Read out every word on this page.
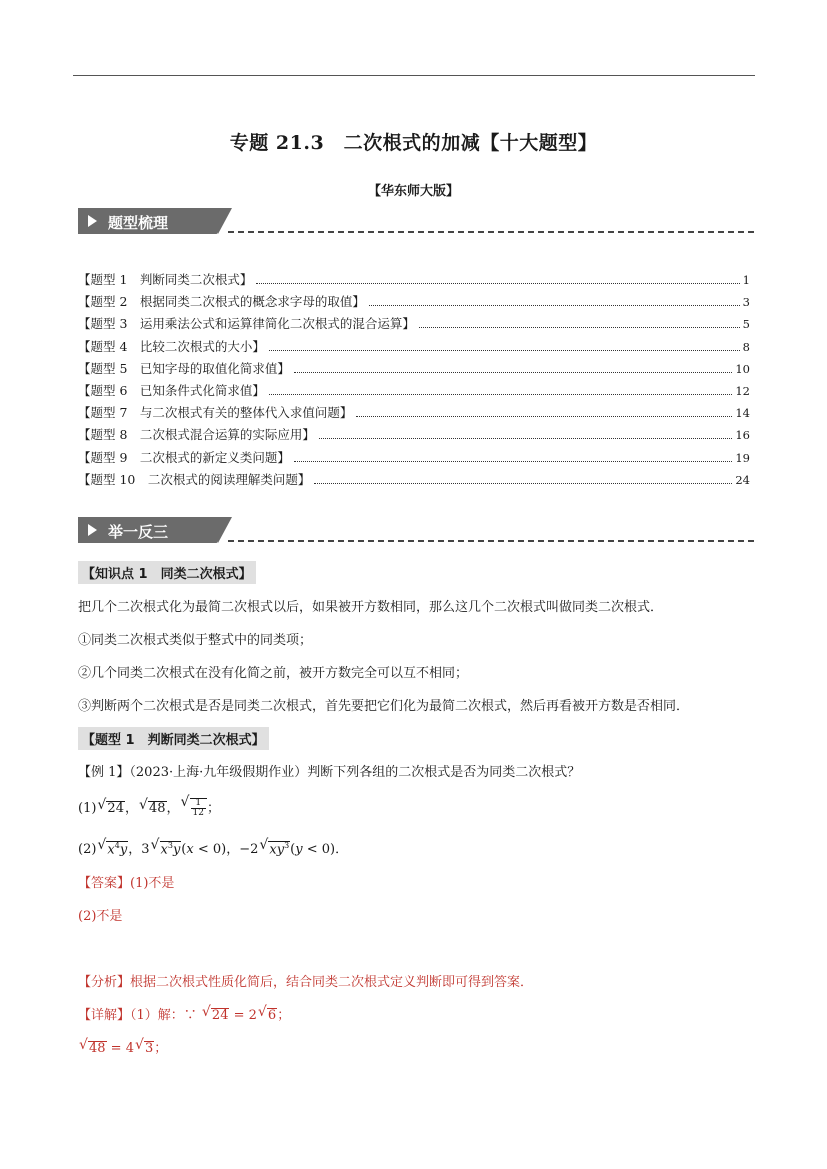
专题 21.3　二次根式的加减【十大题型】
【华东师大版】
题型梳理
【题型 1　判断同类二次根式】	1
【题型 2　根据同类二次根式的概念求字母的取值】	3
【题型 3　运用乘法公式和运算律简化二次根式的混合运算】	5
【题型 4　比较二次根式的大小】	8
【题型 5　已知字母的取值化简求值】	10
【题型 6　已知条件式化简求值】	12
【题型 7　与二次根式有关的整体代入求值问题】	14
【题型 8　二次根式混合运算的实际应用】	16
【题型 9　二次根式的新定义类问题】	19
【题型 10　二次根式的阅读理解类问题】	24
举一反三
【知识点 1　同类二次根式】
把几个二次根式化为最简二次根式以后，如果被开方数相同，那么这几个二次根式叫做同类二次根式．
①同类二次根式类似于整式中的同类项；
②几个同类二次根式在没有化简之前，被开方数完全可以互不相同；
③判断两个二次根式是否是同类二次根式，首先要把它们化为最简二次根式，然后再看被开方数是否相同．
【题型 1　判断同类二次根式】
【例 1】（2023·上海·九年级假期作业）判断下列各组的二次根式是否为同类二次根式？
(1) √ 24， √ 48， √ $\frac{1}{12}$ ；
(2) √ $x^4y$，3 √ $x^3y(x < 0)$，−2 √ $xy^3(y < 0)$．
【答案】(1)不是
(2)不是
【分析】根据二次根式性质化简后，结合同类二次根式定义判断即可得到答案．
【详解】（1）解：∵ √ 24 = 2 √ 6；
√ 48 = 4 √ 3；
